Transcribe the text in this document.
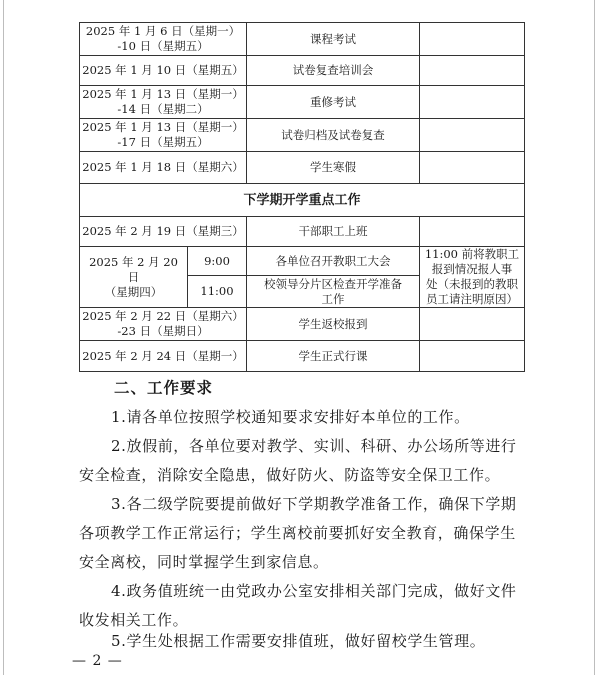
2025 年 1 月 6 日（星期一）
-10 日（星期五）		课程考试	
2025 年 1 月 10 日（星期五）		试卷复查培训会	
2025 年 1 月 13 日（星期一）
-14 日（星期二）		重修考试	
2025 年 1 月 13 日（星期一）
-17 日（星期五）		试卷归档及试卷复查	
2025 年 1 月 18 日（星期六）		学生寒假	
下学期开学重点工作			
2025 年 2 月 19 日（星期三）		干部职工上班	
2025 年 2 月 20 日
（星期四）	9:00	各单位召开教职工大会	11:00 前将教职工
报到情况报人事
处（未报到的教职
员工请注明原因）
	11:00	校领导分片区检查开学准备
工作	
2025 年 2 月 22 日（星期六）
-23 日（星期日）		学生返校报到	
2025 年 2 月 24 日（星期一）		学生正式行课	
二、工作要求
1.请各单位按照学校通知要求安排好本单位的工作。
2.放假前，各单位要对教学、实训、科研、办公场所等进行安全检查，消除安全隐患，做好防火、防盗等安全保卫工作。
3.各二级学院要提前做好下学期教学准备工作，确保下学期各项教学工作正常运行；学生离校前要抓好安全教育，确保学生安全离校，同时掌握学生到家信息。
4.政务值班统一由党政办公室安排相关部门完成，做好文件收发相关工作。
5.学生处根据工作需要安排值班，做好留校学生管理。
— 2 —
